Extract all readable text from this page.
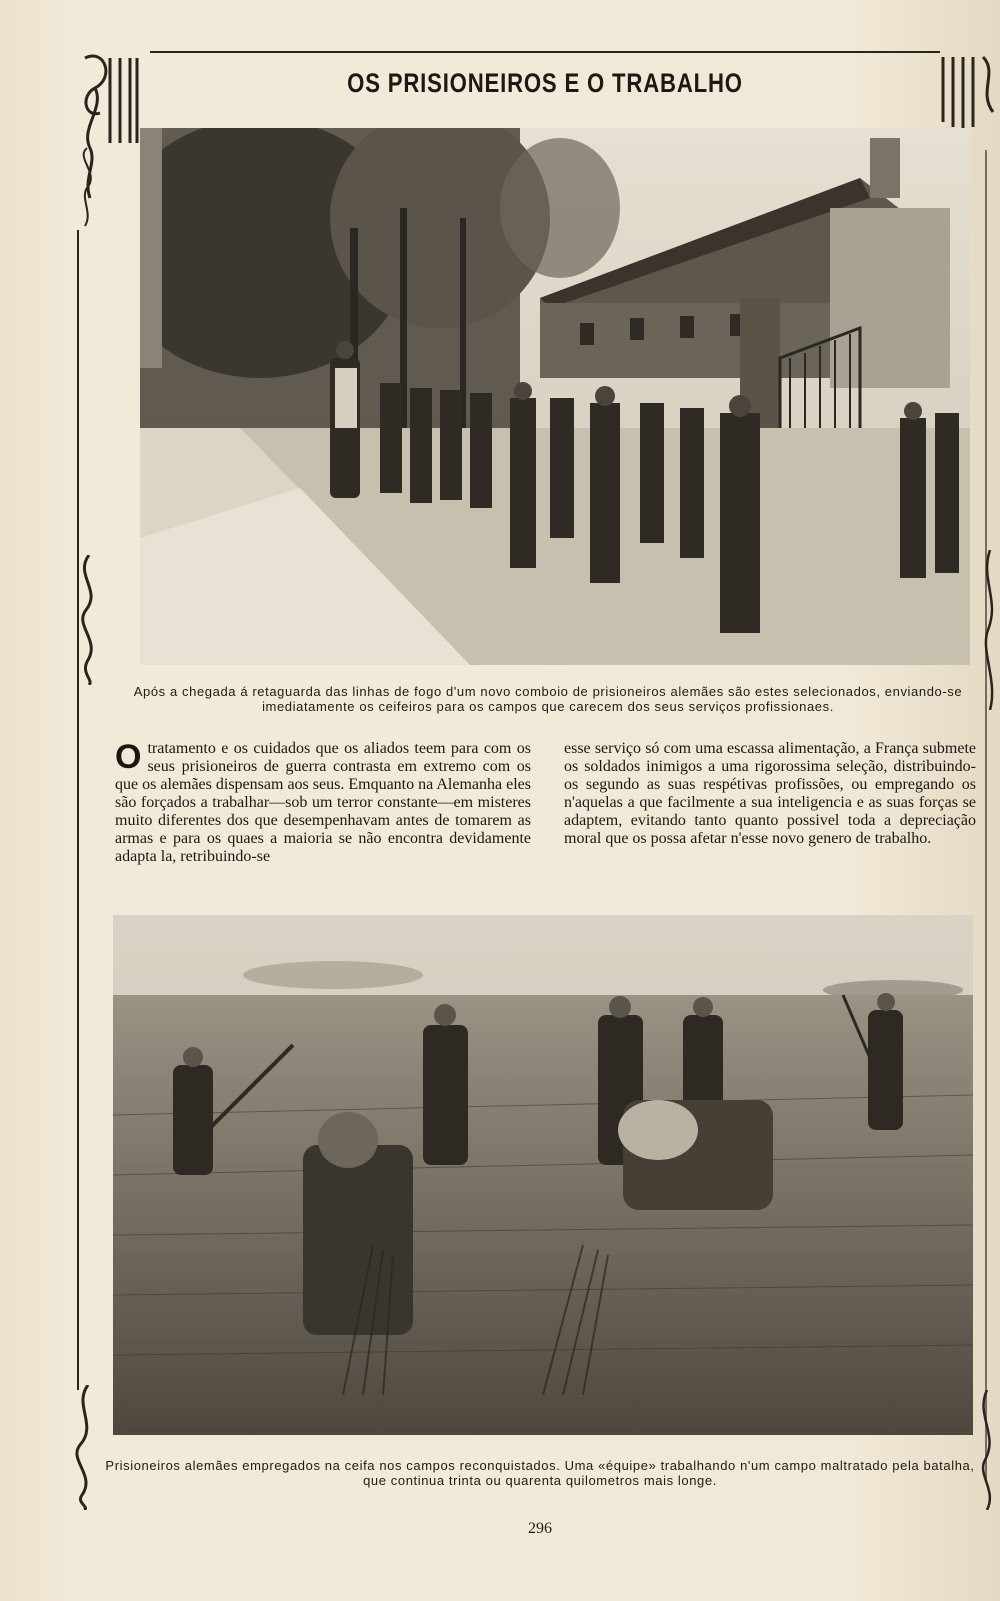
OS PRISIONEIROS E O TRABALHO
Após a chegada á retaguarda das linhas de fogo d'um novo comboio de prisioneiros alemães são estes selecionados, enviando-se imediatamente os ceifeiros para os campos que carecem dos seus serviços profissionaes.
O tratamento e os cuidados que os aliados teem para com os seus prisioneiros de guerra contrasta em extremo com os que os alemães dispensam aos seus. Emquanto na Alemanha eles são forçados a trabalhar—sob um terror constante—em misteres muito diferentes dos que desempenhavam antes de tomarem as armas e para os quaes a maioria se não encontra devidamente adapta la, retribuindo-se
esse serviço só com uma escassa alimentação, a França submete os soldados inimigos a uma rigorossima seleção, distribuindo-os segundo as suas respétivas profissões, ou empregando os n'aquelas a que facilmente a sua inteligencia e as suas forças se adaptem, evitando tanto quanto possivel toda a depreciação moral que os possa afetar n'esse novo genero de trabalho.
Prisioneiros alemães empregados na ceifa nos campos reconquistados. Uma «équipe» trabalhando n'um campo maltratado pela batalha, que continua trinta ou quarenta quilometros mais longe.
296
